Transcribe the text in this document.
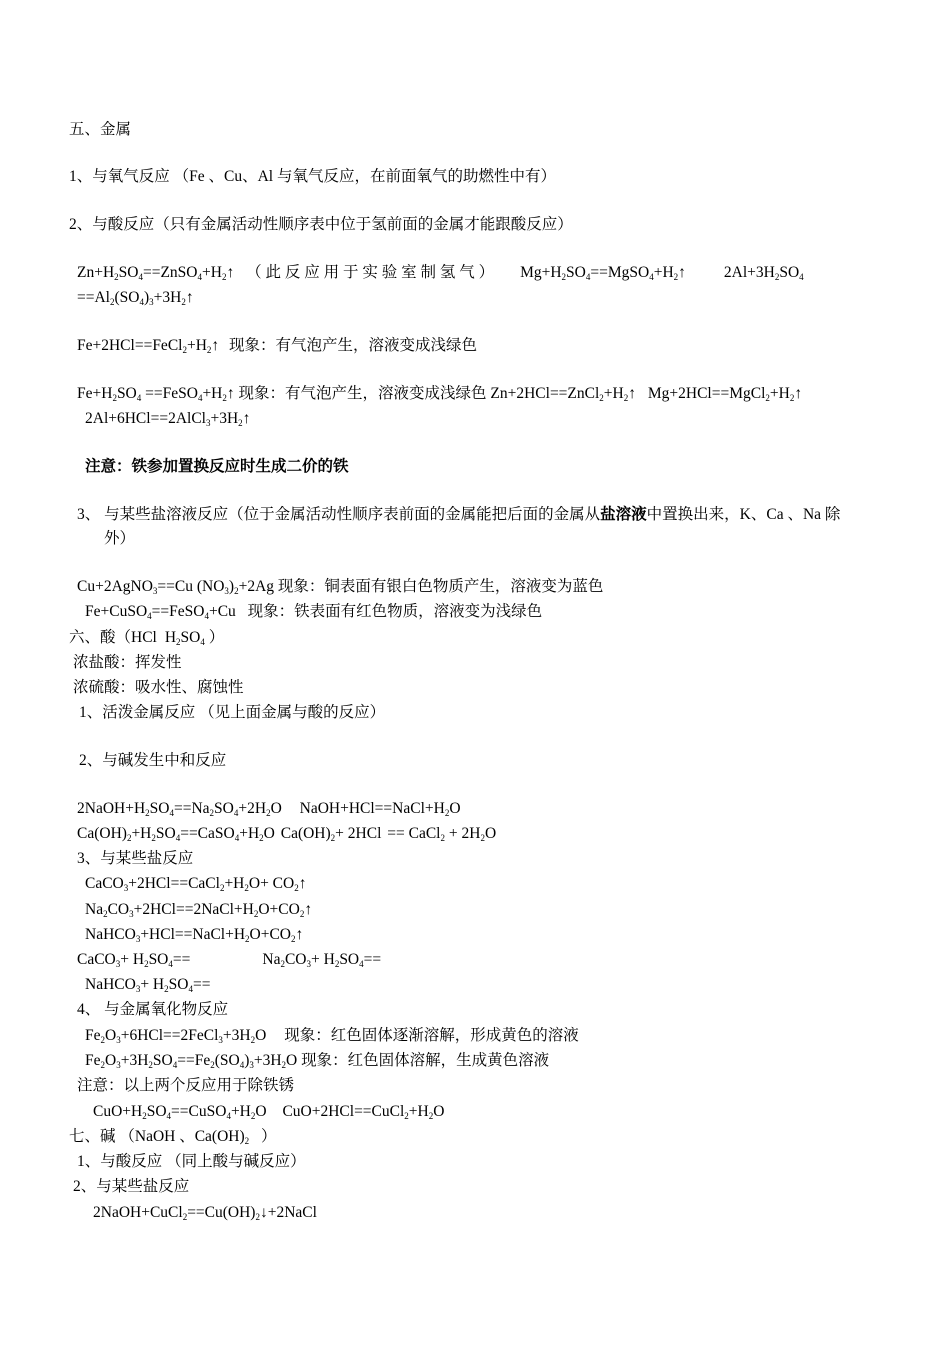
五、金属
1、与氧气反应 （Fe 、Cu、Al 与氧气反应，在前面氧气的助燃性中有）
2、与酸反应（只有金属活动性顺序表中位于氢前面的金属才能跟酸反应）
$Zn+H_2SO_4==ZnSO_4+H_2↑$ （ 此 反 应 用 于 实 验 室 制 氢 气 ） $Mg+H_2SO_4==MgSO_4+H_2↑$ $2Al+3H_2SO_4$
$==Al_2(SO_4)_3+3H_2↑$
$Fe+2HCl==FeCl_2+H_2↑$ 现象：有气泡产生，溶液变成浅绿色
$Fe+H_2SO_4$ $==FeSO_4+H_2↑$ 现象：有气泡产生，溶液变成浅绿色 $Zn+2HCl==ZnCl_2+H_2↑$ $Mg+2HCl==MgCl_2+H_2↑$
$2Al+6HCl==2AlCl_3+3H_2↑$
注意：铁参加置换反应时生成二价的铁
3、 与某些盐溶液反应（位于金属活动性顺序表前面的金属能把后面的金属从盐溶液中置换出来，K、Ca 、Na 除
外）
Cu+2AgNO$_3$==Cu $(NO_3)_2+2Ag$ 现象：铜表面有银白色物质产生，溶液变为蓝色
Fe+CuSO$_4$==FeSO$_4$+Cu 现象：铁表面有红色物质，溶液变为浅绿色
六、酸（HCl $H_2SO_4$ ）
浓盐酸：挥发性
浓硫酸：吸水性、腐蚀性
1、活泼金属反应 （见上面金属与酸的反应）
2、与碱发生中和反应
$2NaOH+H_2SO_4==Na_2SO_4+2H_2O$ $NaOH+HCl==NaCl+H_2O$
$Ca(OH)_2+H_2SO_4==CaSO_4+H_2O$ $Ca(OH)_2+ 2HCl$ == CaCl$_2$ + $2H_2O$
3、与某些盐反应
$CaCO_3+2HCl==CaCl_2+H_2O+$ $CO_2↑$
$Na_2CO_3+2HCl==2NaCl+H_2O+CO_2↑$
$NaHCO_3+HCl==NaCl+H_2O+CO_2↑$
CaCO$_3$+ $H_2SO_4==$	$Na_2CO_3+ H_2SO_4==$
NaHCO$_3$+ $H_2SO_4==$
4、 与金属氧化物反应
$Fe_2O_3+6HCl==2FeCl_3+3H_2O$ 现象：红色固体逐渐溶解，形成黄色的溶液
$Fe_2O_3+3H_2SO_4==Fe_2(SO_4)_3+3H_2O$ 现象：红色固体溶解，生成黄色溶液
注意：以上两个反应用于除铁锈
$CuO+H_2SO_4==CuSO_4+H_2O$ $CuO+2HCl==CuCl_2+H_2O$
七、碱 （NaOH 、$Ca(OH)_2$ ）
1、与酸反应 （同上酸与碱反应）
2、与某些盐反应
$2NaOH+CuCl_2==Cu(OH)_2↓+2NaCl$
